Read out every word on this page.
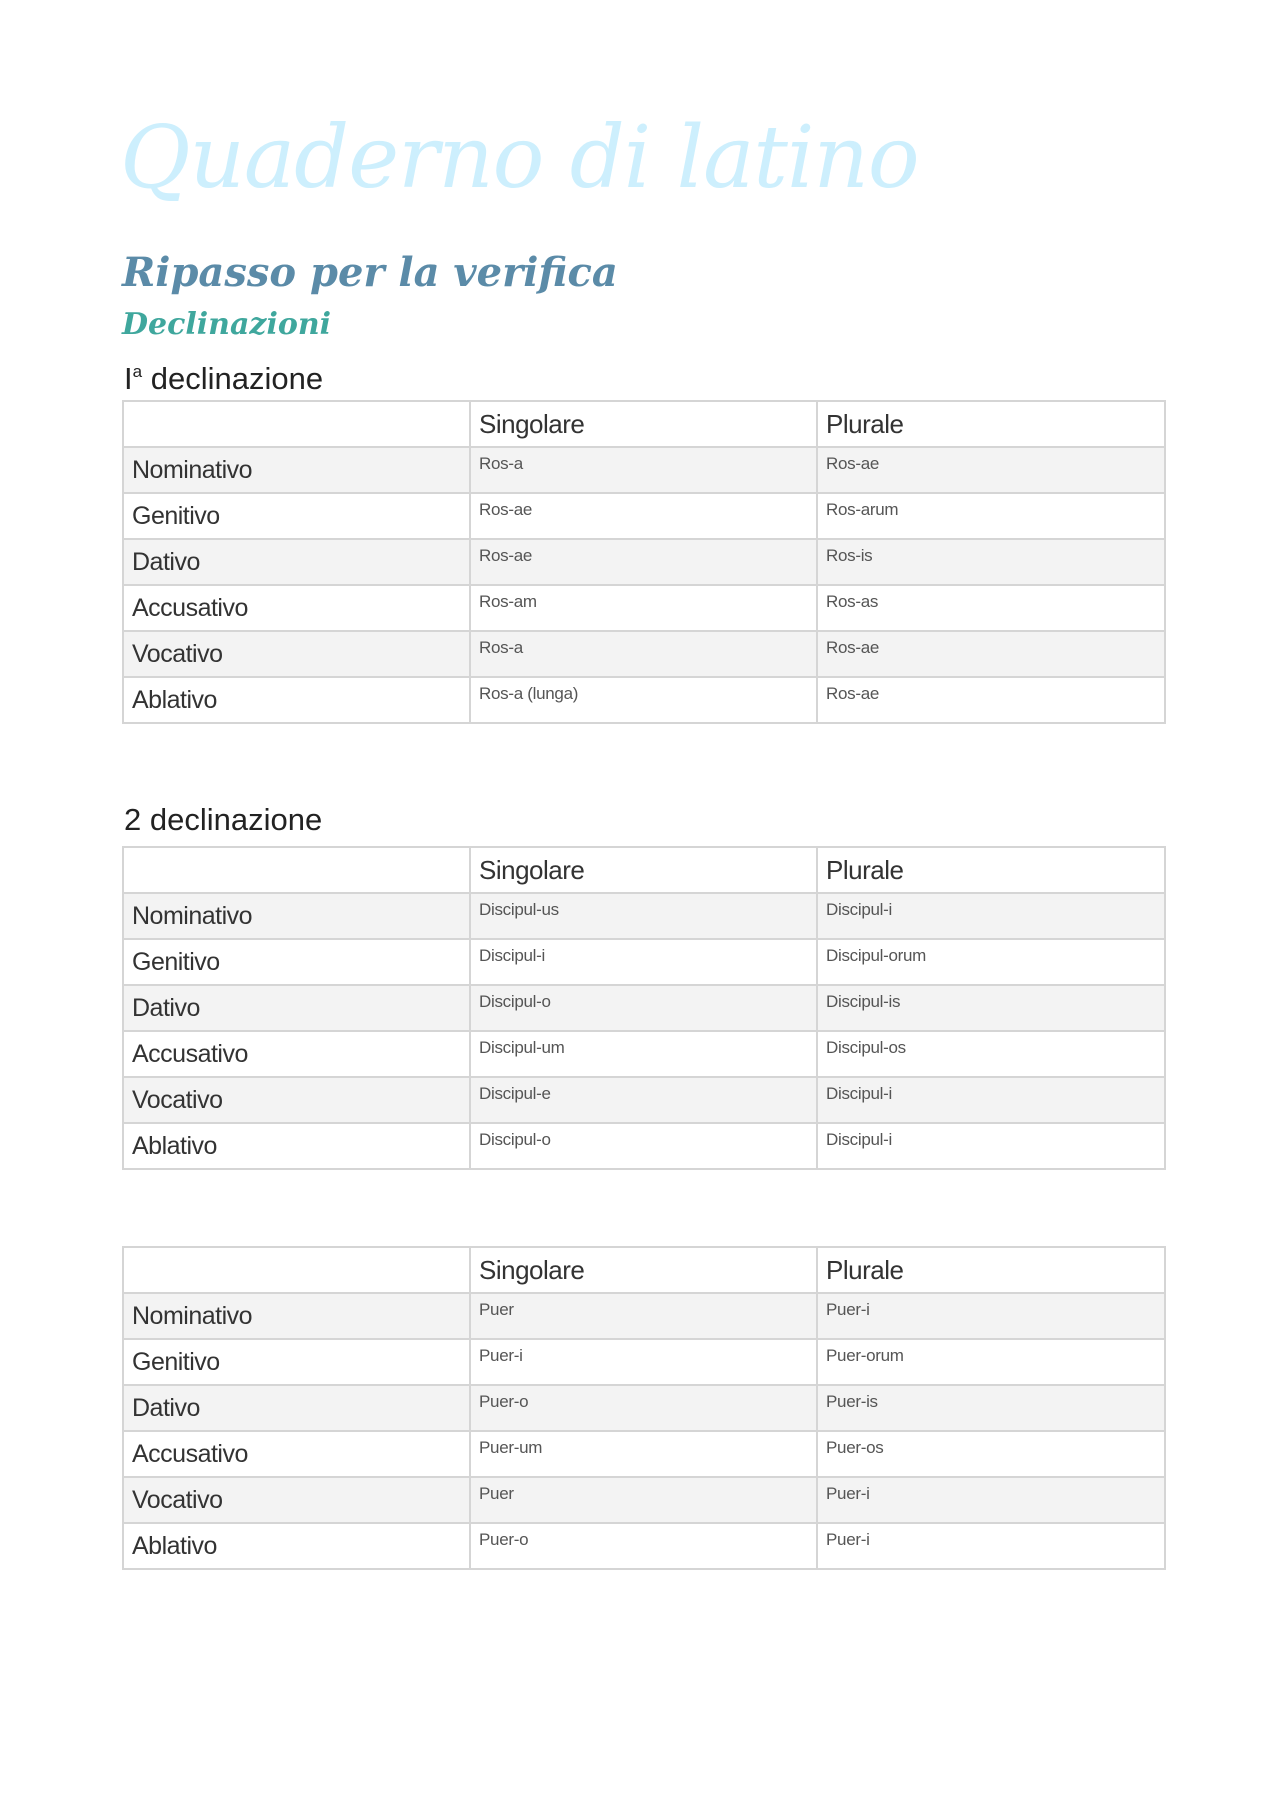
Quaderno di latino
Ripasso per la verifica
Declinazioni
$I^a$ declinazione
	Singolare	Plurale
Nominativo	Ros-a	Ros-ae
Genitivo	Ros-ae	Ros-arum
Dativo	Ros-ae	Ros-is
Accusativo	Ros-am	Ros-as
Vocativo	Ros-a	Ros-ae
Ablativo	Ros-a (lunga)	Ros-ae
2 declinazione
	Singolare	Plurale
Nominativo	Discipul-us	Discipul-i
Genitivo	Discipul-i	Discipul-orum
Dativo	Discipul-o	Discipul-is
Accusativo	Discipul-um	Discipul-os
Vocativo	Discipul-e	Discipul-i
Ablativo	Discipul-o	Discipul-i
	Singolare	Plurale
Nominativo	Puer	Puer-i
Genitivo	Puer-i	Puer-orum
Dativo	Puer-o	Puer-is
Accusativo	Puer-um	Puer-os
Vocativo	Puer	Puer-i
Ablativo	Puer-o	Puer-i
